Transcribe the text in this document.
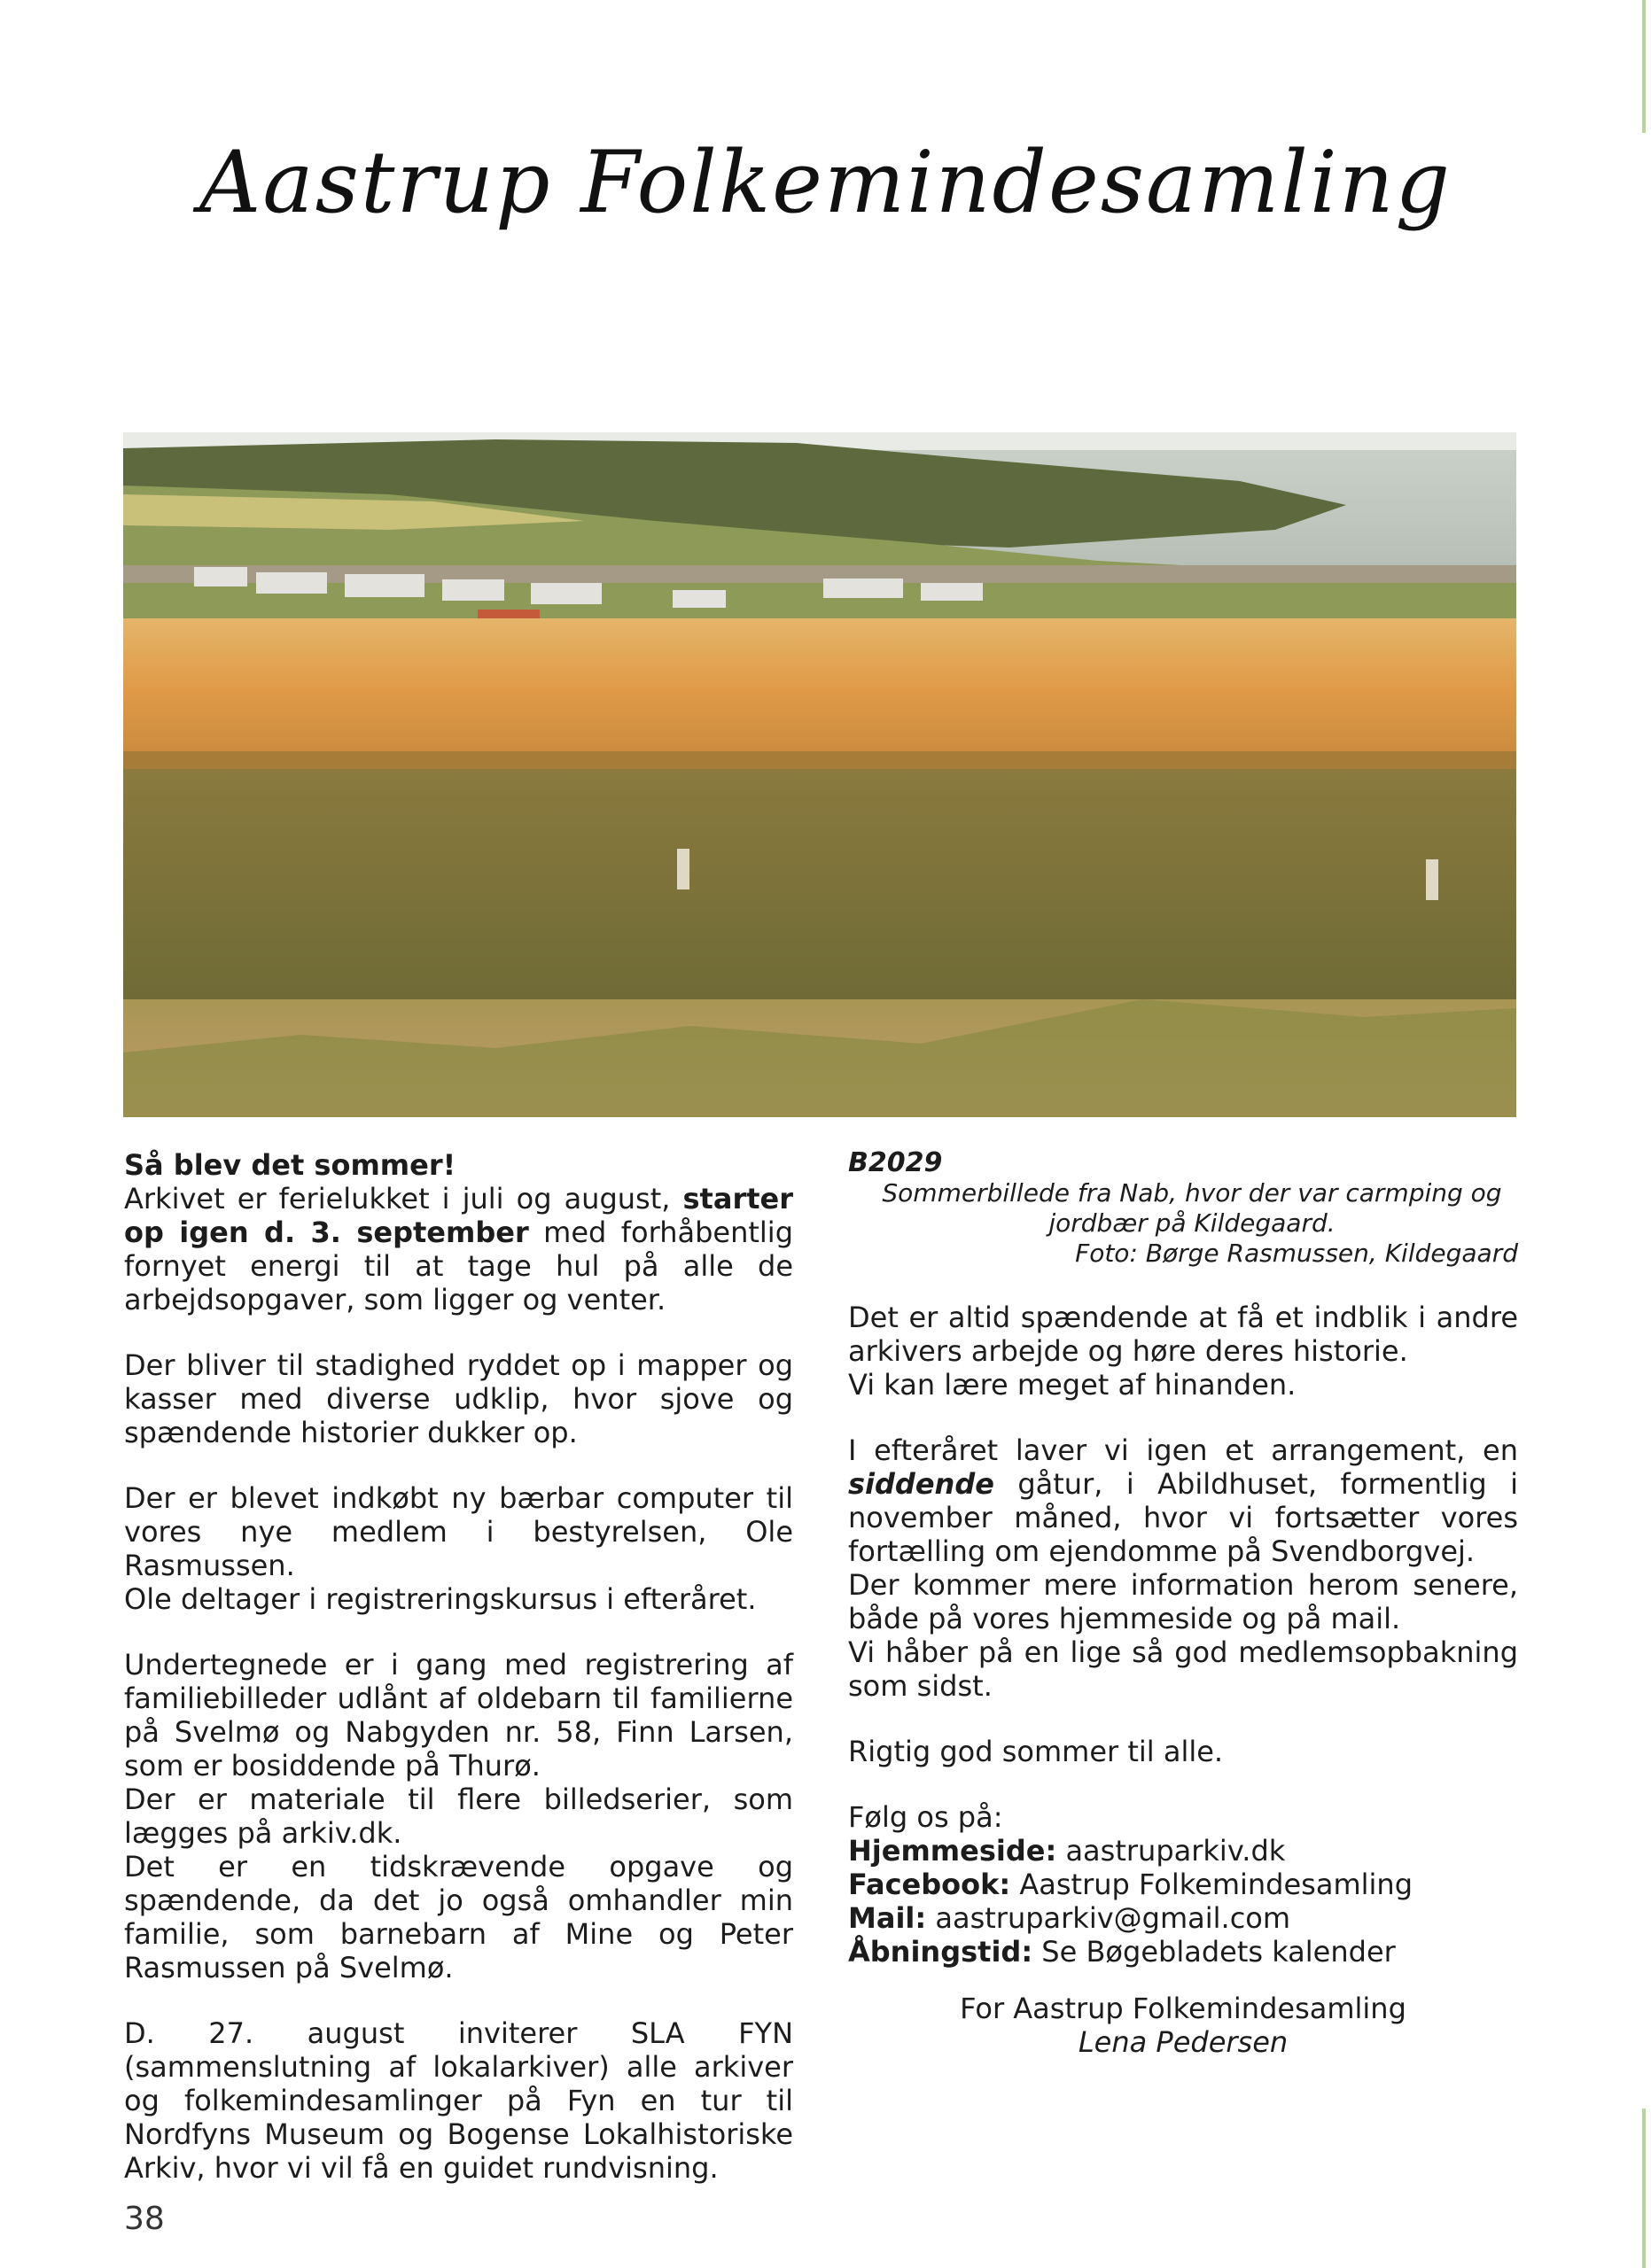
Aastrup Folkemindesamling

Så blev det sommer!
Arkivet er ferielukket i juli og august, starter op igen d. 3. september med forhåbentlig fornyet energi til at tage hul på alle de arbejdsopgaver, som ligger og venter.

Der bliver til stadighed ryddet op i mapper og kasser med diverse udklip, hvor sjove og spændende historier dukker op.

Der er blevet indkøbt ny bærbar computer til vores nye medlem i bestyrelsen, Ole Rasmussen.
Ole deltager i registreringskursus i efteråret.

Undertegnede er i gang med registrering af familiebilleder udlånt af oldebarn til familierne på Svelmø og Nabgyden nr. 58, Finn Larsen, som er bosiddende på Thurø.
Der er materiale til flere billedserier, som lægges på arkiv.dk.
Det er en tidskrævende opgave og spændende, da det jo også omhandler min familie, som barnebarn af Mine og Peter Rasmussen på Svelmø.

D. 27. august inviterer SLA FYN (sammenslutning af lokalarkiver) alle arkiver og folkemindesamlinger på Fyn en tur til Nordfyns Museum og Bogense Lokalhistoriske Arkiv, hvor vi vil få en guidet rundvisning.

B2029
Sommerbillede fra Nab, hvor der var carmping og jordbær på Kildegaard.
Foto: Børge Rasmussen, Kildegaard

Det er altid spændende at få et indblik i andre arkivers arbejde og høre deres historie.
Vi kan lære meget af hinanden.

I efteråret laver vi igen et arrangement, en siddende gåtur, i Abildhuset, formentlig i november måned, hvor vi fortsætter vores fortælling om ejendomme på Svendborgvej.
Der kommer mere information herom senere, både på vores hjemmeside og på mail.
Vi håber på en lige så god medlemsopbakning som sidst.

Rigtig god sommer til alle.

Følg os på:
Hjemmeside: aastruparkiv.dk
Facebook: Aastrup Folkemindesamling
Mail: aastruparkiv@gmail.com
Åbningstid: Se Bøgebladets kalender
For Aastrup Folkemindesamling
Lena Pedersen
38
